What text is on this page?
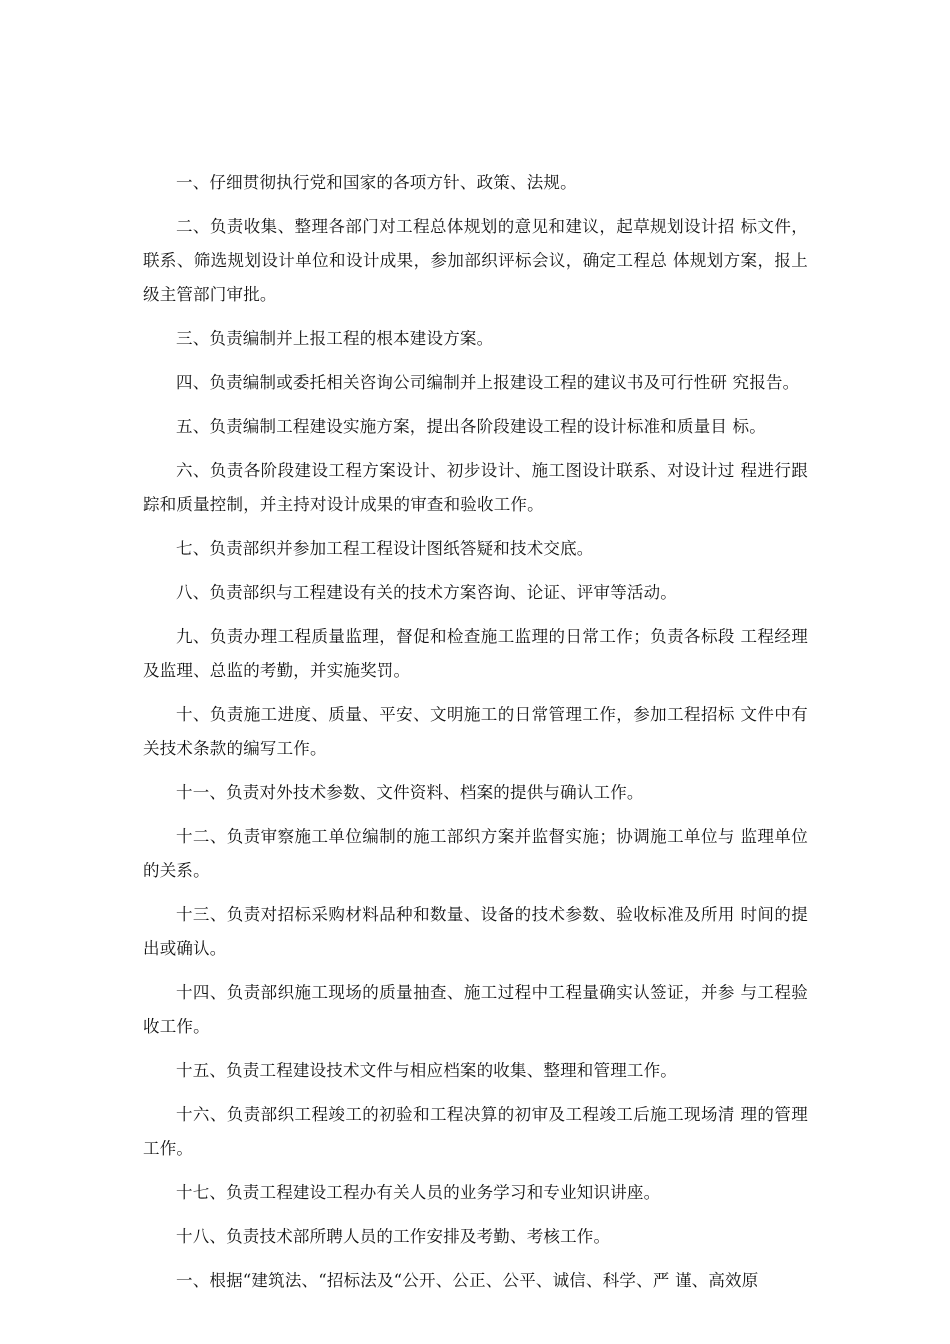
一、仔细贯彻执行党和国家的各项方针、政策、法规。

二、负责收集、整理各部门对工程总体规划的意见和建议，起草规划设计招 标文件，联系、筛选规划设计单位和设计成果，参加部织评标会议，确定工程总 体规划方案，报上级主管部门审批。

三、负责编制并上报工程的根本建设方案。

四、负责编制或委托相关咨询公司编制并上报建设工程的建议书及可行性研 究报告。

五、负责编制工程建设实施方案，提出各阶段建设工程的设计标准和质量目 标。

六、负责各阶段建设工程方案设计、初步设计、施工图设计联系、对设计过 程进行跟踪和质量控制，并主持对设计成果的审查和验收工作。

七、负责部织并参加工程工程设计图纸答疑和技术交底。

八、负责部织与工程建设有关的技术方案咨询、论证、评审等活动。

九、负责办理工程质量监理，督促和检查施工监理的日常工作；负责各标段 工程经理及监理、总监的考勤，并实施奖罚。

十、负责施工进度、质量、平安、文明施工的日常管理工作，参加工程招标 文件中有关技术条款的编写工作。

十一、负责对外技术参数、文件资料、档案的提供与确认工作。

十二、负责审察施工单位编制的施工部织方案并监督实施；协调施工单位与 监理单位的关系。

十三、负责对招标采购材料品种和数量、设备的技术参数、验收标准及所用 时间的提出或确认。

十四、负责部织施工现场的质量抽查、施工过程中工程量确实认签证，并参 与工程验收工作。

十五、负责工程建设技术文件与相应档案的收集、整理和管理工作。

十六、负责部织工程竣工的初验和工程决算的初审及工程竣工后施工现场清 理的管理工作。

十七、负责工程建设工程办有关人员的业务学习和专业知识讲座。

十八、负责技术部所聘人员的工作安排及考勤、考核工作。

一、根据“建筑法、“招标法及“公开、公正、公平、诚信、科学、严 谨、高效原
